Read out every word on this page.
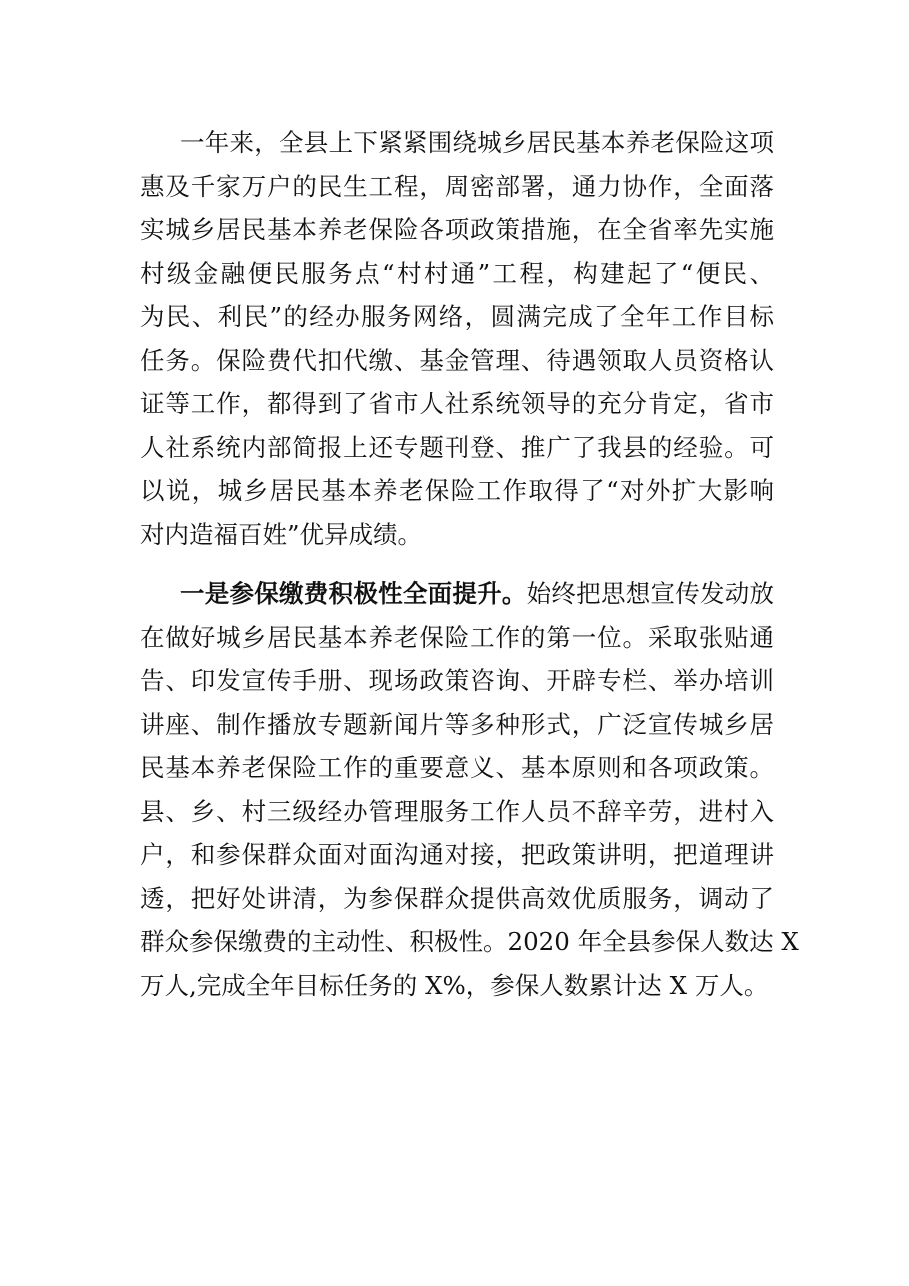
一年来，全县上下紧紧围绕城乡居民基本养老保险这项
惠及千家万户的民生工程，周密部署，通力协作，全面落
实城乡居民基本养老保险各项政策措施，在全省率先实施
村级金融便民服务点“村村通”工程，构建起了“便民、
为民、利民”的经办服务网络，圆满完成了全年工作目标
任务。保险费代扣代缴、基金管理、待遇领取人员资格认
证等工作，都得到了省市人社系统领导的充分肯定，省市
人社系统内部简报上还专题刊登、推广了我县的经验。可
以说，城乡居民基本养老保险工作取得了“对外扩大影响
对内造福百姓”优异成绩。
一是参保缴费积极性全面提升。始终把思想宣传发动放
在做好城乡居民基本养老保险工作的第一位。采取张贴通
告、印发宣传手册、现场政策咨询、开辟专栏、举办培训
讲座、制作播放专题新闻片等多种形式，广泛宣传城乡居
民基本养老保险工作的重要意义、基本原则和各项政策。
县、乡、村三级经办管理服务工作人员不辞辛劳，进村入
户，和参保群众面对面沟通对接，把政策讲明，把道理讲
透，把好处讲清，为参保群众提供高效优质服务，调动了
群众参保缴费的主动性、积极性。2020 年全县参保人数达 X
万人,完成全年目标任务的 X%，参保人数累计达 X 万人。
